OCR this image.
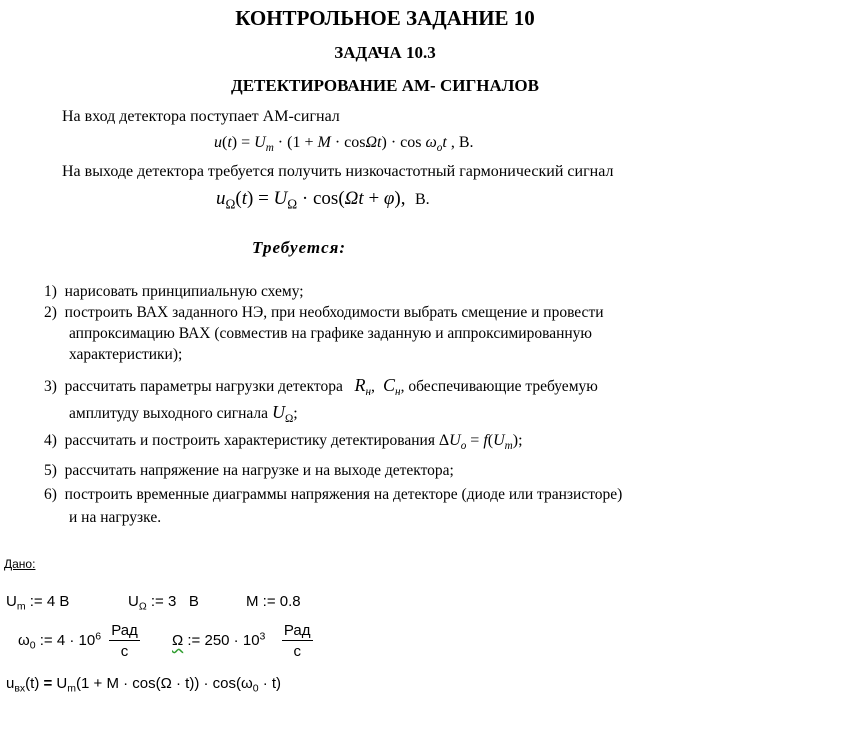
КОНТРОЛЬНОЕ ЗАДАНИЕ 10
ЗАДАЧА 10.3
ДЕТЕКТИРОВАНИЕ АМ- СИГНАЛОВ
На вход детектора поступает АМ-сигнал
$u(t) = U_m \cdot (1 + M \cdot \cos\Omega t) \cdot \cos \omega_ot$ , В.
На выходе детектора требуется получить низкочастотный гармонический сигнал
$u_\Omega(t) = U_\Omega \cdot \cos(\Omega t + \varphi)$,  В.
Требуется:
1) нарисовать принципиальную схему;
2) построить ВАХ заданного НЭ, при необходимости выбрать смещение и провести
аппроксимацию ВАХ (совместив на графике заданную и аппроксимированную
характеристики);
3) рассчитать параметры нагрузки детектора $R_н$,  $C_н$, обеспечивающие требуемую
амплитуду выходного сигнала $U_\Omega$;
4) рассчитать и построить характеристику детектирования $\Delta U_o = f(U_m)$;
5) рассчитать напряжение на нагрузке и на выходе детектора;
6) построить временные диаграммы напряжения на детекторе (диоде или транзисторе)
и на нагрузке.
Дано:
$U_m$ := 4 В	$U_\Omega$ := 3 В	M := 0.8
$\omega_0$ := $4 \cdot 10^6 \frac{\text{Рад}}{с}$ Ω := $250 \cdot 10^3 \frac{\text{Рад}}{с}$
$u_{вх}(t) = U_m(1 + M \cdot \cos(\Omega \cdot t)) \cdot \cos(\omega_0 \cdot t)$
